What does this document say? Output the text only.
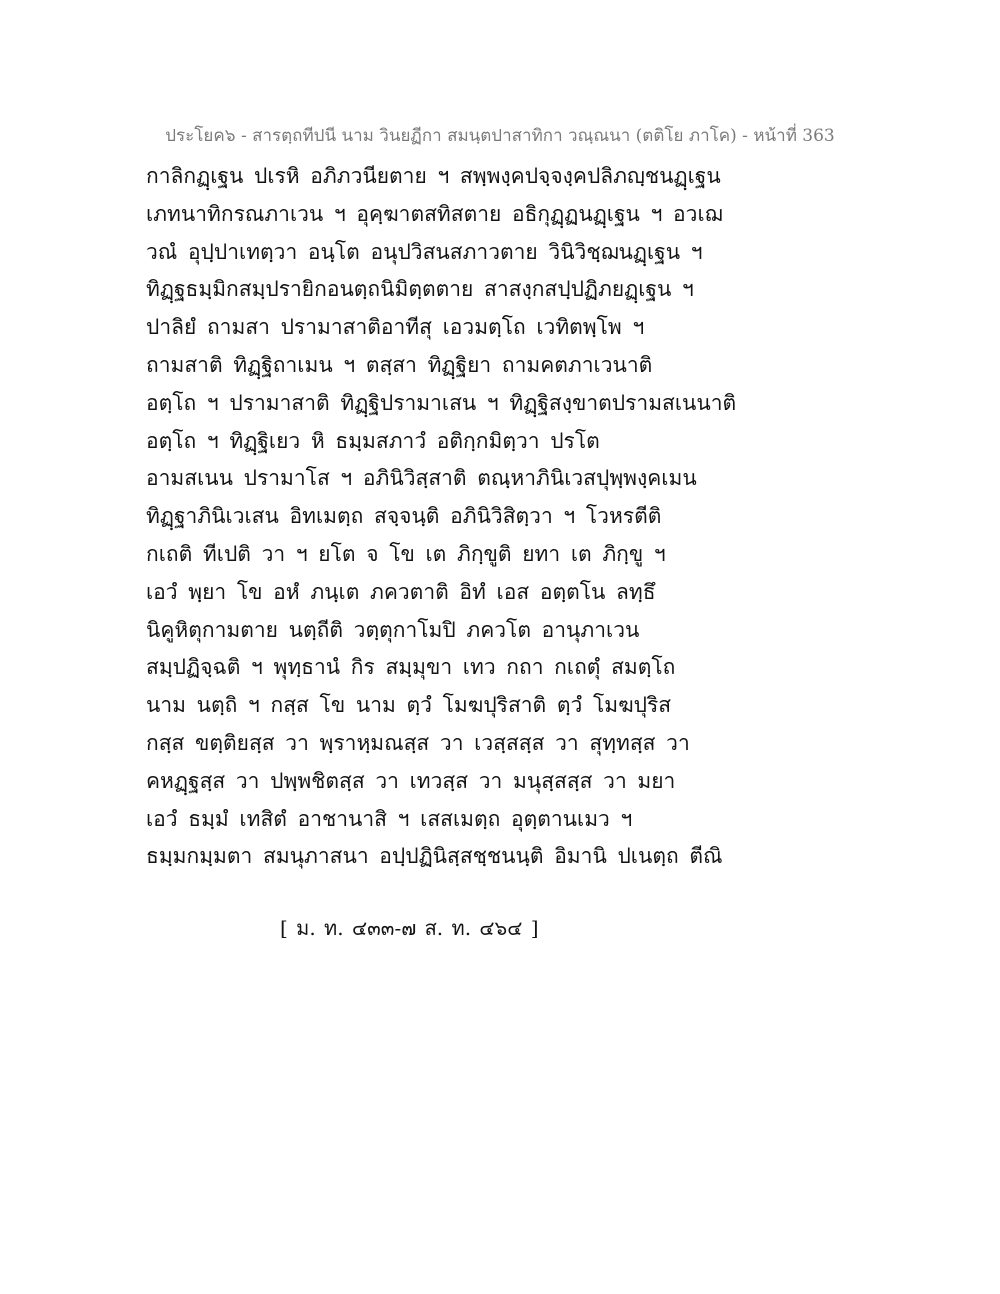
ประโยค๖ - สารตฺถทีปนี นาม วินยฏีกา สมนฺตปาสาทิกา วณฺณนา (ตติโย ภาโค) - หน้าที่ 363
กาลิกฏฺเฐน ปเรหิ อภิภวนียตาย ฯ สพฺพงฺคปจฺจงฺคปลิภญฺชนฏฺเฐน
เภทนาทิกรณภาเวน ฯ อุคฺฆาตสทิสตาย อธิกุฏฺฏนฏฺเฐน ฯ อวเฌ
วณํ อุปฺปาเทตฺวา อนฺโต อนุปวิสนสภาวตาย วินิวิชฺฌนฏฺเฐน ฯ
ทิฏฺฐธมฺมิกสมฺปรายิกอนตฺถนิมิตฺตตาย สาสงฺกสปฺปฏิภยฏฺเฐน ฯ
ปาลิยํ ถามสา ปรามาสาติอาทีสุ เอวมตฺโถ เวทิตพฺโพ ฯ
ถามสาติ ทิฏฺฐิถาเมน ฯ ตสฺสา ทิฏฺฐิยา ถามคตภาเวนาติ
อตฺโถ ฯ ปรามาสาติ ทิฏฺฐิปรามาเสน ฯ ทิฏฺฐิสงฺขาตปรามสเนนาติ
อตฺโถ ฯ ทิฏฺฐิเยว หิ ธมฺมสภาวํ อติกฺกมิตฺวา ปรโต
อามสเนน ปรามาโส ฯ อภินิวิสฺสาติ ตณฺหาภินิเวสปุพฺพงฺคเมน
ทิฏฺฐาภินิเวเสน อิทเมตฺถ สจฺจนฺติ อภินิวิสิตฺวา ฯ โวหรตีติ
กเถติ ทีเปติ วา ฯ ยโต จ โข เต ภิกฺขูติ ยทา เต ภิกฺขู ฯ
เอวํ พฺยา โข อหํ ภนฺเต ภควตาติ อิทํ เอส อตฺตโน ลทฺธึ
นิคูหิตุกามตาย นตฺถีติ วตฺตุกาโมปิ ภควโต อานุภาเวน
สมฺปฏิจฺฉติ ฯ พุทฺธานํ กิร สมฺมุขา เทว กถา กเถตุํ สมตฺโถ
นาม นตฺถิ ฯ กสฺส โข นาม ตฺวํ โมฆปุริสาติ ตฺวํ โมฆปุริส
กสฺส ขตฺติยสฺส วา พฺราหฺมณสฺส วา เวสฺสสฺส วา สุทฺทสฺส วา
คหฏฺฐสฺส วา ปพฺพชิตสฺส วา เทวสฺส วา มนุสฺสสฺส วา มยา
เอวํ ธมฺมํ เทสิตํ อาชานาสิ ฯ เสสเมตฺถ อุตฺตานเมว ฯ
ธมฺมกมฺมตา สมนุภาสนา อปฺปฏินิสฺสชฺชนนฺติ อิมานิ ปเนตฺถ ตีณิ
[ ม. ท. ๔๓๓-๗ ส. ท. ๔๖๔ ]
